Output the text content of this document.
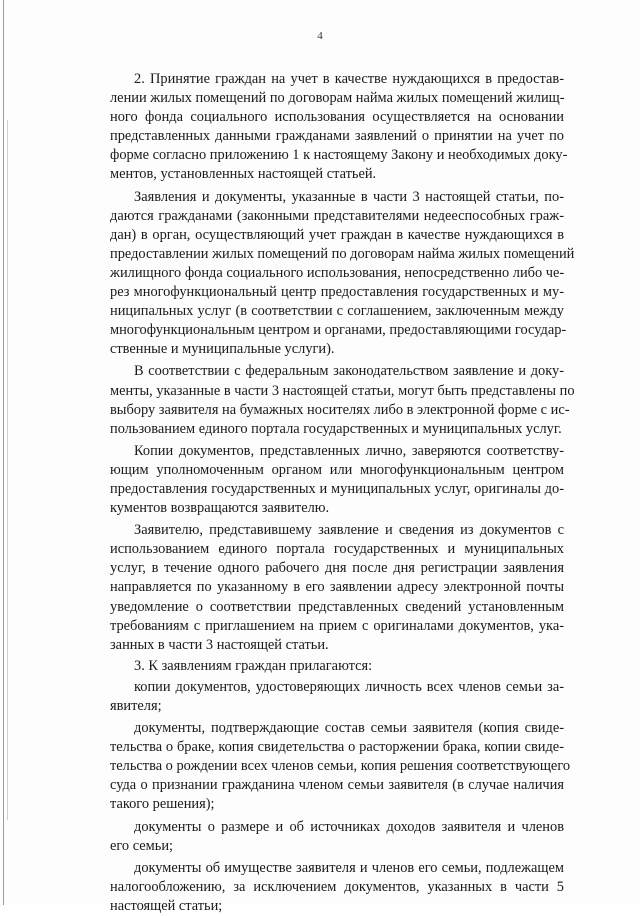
4
2. Принятие граждан на учет в качестве нуждающихся в предостав-
лении жилых помещений по договорам найма жилых помещений жилищ-
ного фонда социального использования осуществляется на основании
представленных данными гражданами заявлений о принятии на учет по
форме согласно приложению 1 к настоящему Закону и необходимых доку-
ментов, установленных настоящей статьей.
Заявления и документы, указанные в части 3 настоящей статьи, по-
даются гражданами (законными представителями недееспособных граж-
дан) в орган, осуществляющий учет граждан в качестве нуждающихся в
предоставлении жилых помещений по договорам найма жилых помещений
жилищного фонда социального использования, непосредственно либо че-
рез многофункциональный центр предоставления государственных и му-
ниципальных услуг (в соответствии с соглашением, заключенным между
многофункциональным центром и органами, предоставляющими государ-
ственные и муниципальные услуги).
В соответствии с федеральным законодательством заявление и доку-
менты, указанные в части 3 настоящей статьи, могут быть представлены по
выбору заявителя на бумажных носителях либо в электронной форме с ис-
пользованием единого портала государственных и муниципальных услуг.
Копии документов, представленных лично, заверяются соответству-
ющим уполномоченным органом или многофункциональным центром
предоставления государственных и муниципальных услуг, оригиналы до-
кументов возвращаются заявителю.
Заявителю, представившему заявление и сведения из документов с
использованием единого портала государственных и муниципальных
услуг, в течение одного рабочего дня после дня регистрации заявления
направляется по указанному в его заявлении адресу электронной почты
уведомление о соответствии представленных сведений установленным
требованиям с приглашением на прием с оригиналами документов, ука-
занных в части 3 настоящей статьи.
3. К заявлениям граждан прилагаются:
копии документов, удостоверяющих личность всех членов семьи за-
явителя;
документы, подтверждающие состав семьи заявителя (копия свиде-
тельства о браке, копия свидетельства о расторжении брака, копии свиде-
тельства о рождении всех членов семьи, копия решения соответствующего
суда о признании гражданина членом семьи заявителя (в случае наличия
такого решения);
документы о размере и об источниках доходов заявителя и членов
его семьи;
документы об имуществе заявителя и членов его семьи, подлежащем
налогообложению, за исключением документов, указанных в части 5
настоящей статьи;
